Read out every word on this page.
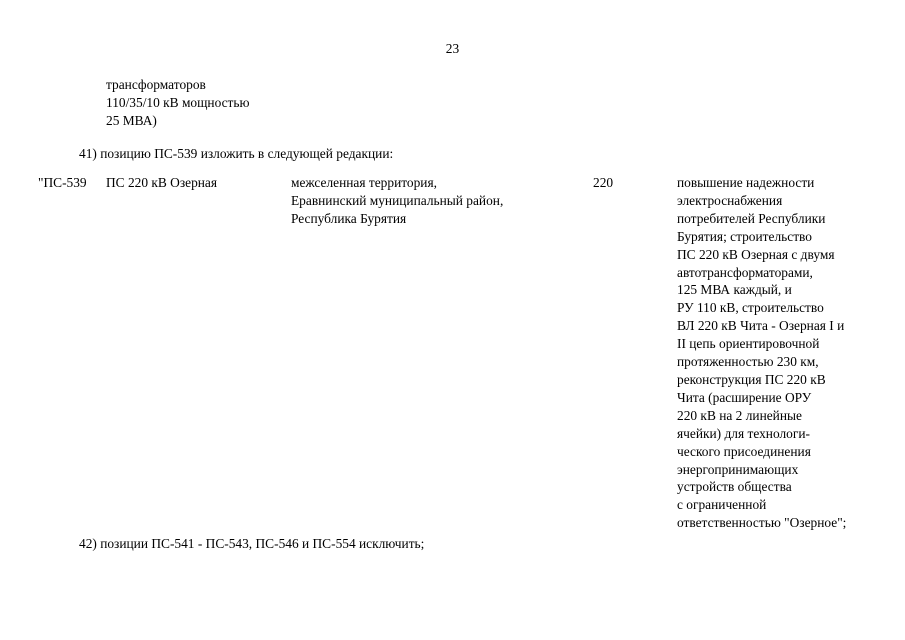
23
трансформаторов
110/35/10 кВ мощностью
25 МВА)
41) позицию ПС-539 изложить в следующей редакции:
"ПС-539 ПС 220 кВ Озерная	межселенная территория,
Еравнинский муниципальный район,
Республика Бурятия
220	повышение надежности
электроснабжения
потребителей Республики
Бурятия; строительство
ПС 220 кВ Озерная с двумя
автотрансформаторами,
125 МВА каждый, и
РУ 110 кВ, строительство
ВЛ 220 кВ Чита - Озерная I и
II цепь ориентировочной
протяженностью 230 км,
реконструкция ПС 220 кВ
Чита (расширение ОРУ
220 кВ на 2 линейные
ячейки) для технологи-
ческого присоединения
энергопринимающих
устройств общества
с ограниченной
ответственностью "Озерное";
42) позиции ПС-541 - ПС-543, ПС-546 и ПС-554 исключить;
